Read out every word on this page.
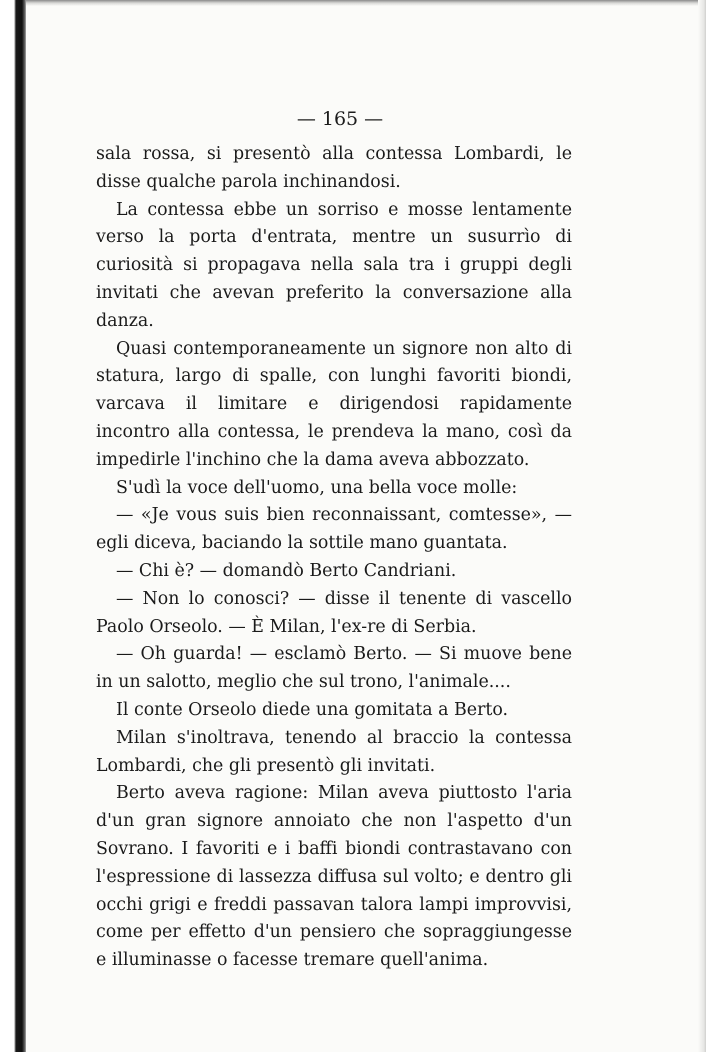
— 165 —

sala rossa, si presentò alla contessa Lombardi, le disse qualche parola inchinandosi.

La contessa ebbe un sorriso e mosse lentamente verso la porta d'entrata, mentre un susurrìo di curiosità si propagava nella sala tra i gruppi degli invitati che avevan preferito la conversazione alla danza.

Quasi contemporaneamente un signore non alto di statura, largo di spalle, con lunghi favoriti biondi, varcava il limitare e dirigendosi rapidamente incontro alla contessa, le prendeva la mano, così da impedirle l'inchino che la dama aveva abbozzato.

S'udì la voce dell'uomo, una bella voce molle:

— «Je vous suis bien reconnaissant, comtesse», — egli diceva, baciando la sottile mano guantata.

— Chi è? — domandò Berto Candriani.

— Non lo conosci? — disse il tenente di vascello Paolo Orseolo. — È Milan, l'ex-re di Serbia.

— Oh guarda! — esclamò Berto. — Si muove bene in un salotto, meglio che sul trono, l'animale....

Il conte Orseolo diede una gomitata a Berto.

Milan s'inoltrava, tenendo al braccio la contessa Lombardi, che gli presentò gli invitati.

Berto aveva ragione: Milan aveva piuttosto l'aria d'un gran signore annoiato che non l'aspetto d'un Sovrano. I favoriti e i baffi biondi contrastavano con l'espressione di lassezza diffusa sul volto; e dentro gli occhi grigi e freddi passavan talora lampi improvvisi, come per effetto d'un pensiero che sopraggiungesse e illuminasse o facesse tremare quell'anima.
